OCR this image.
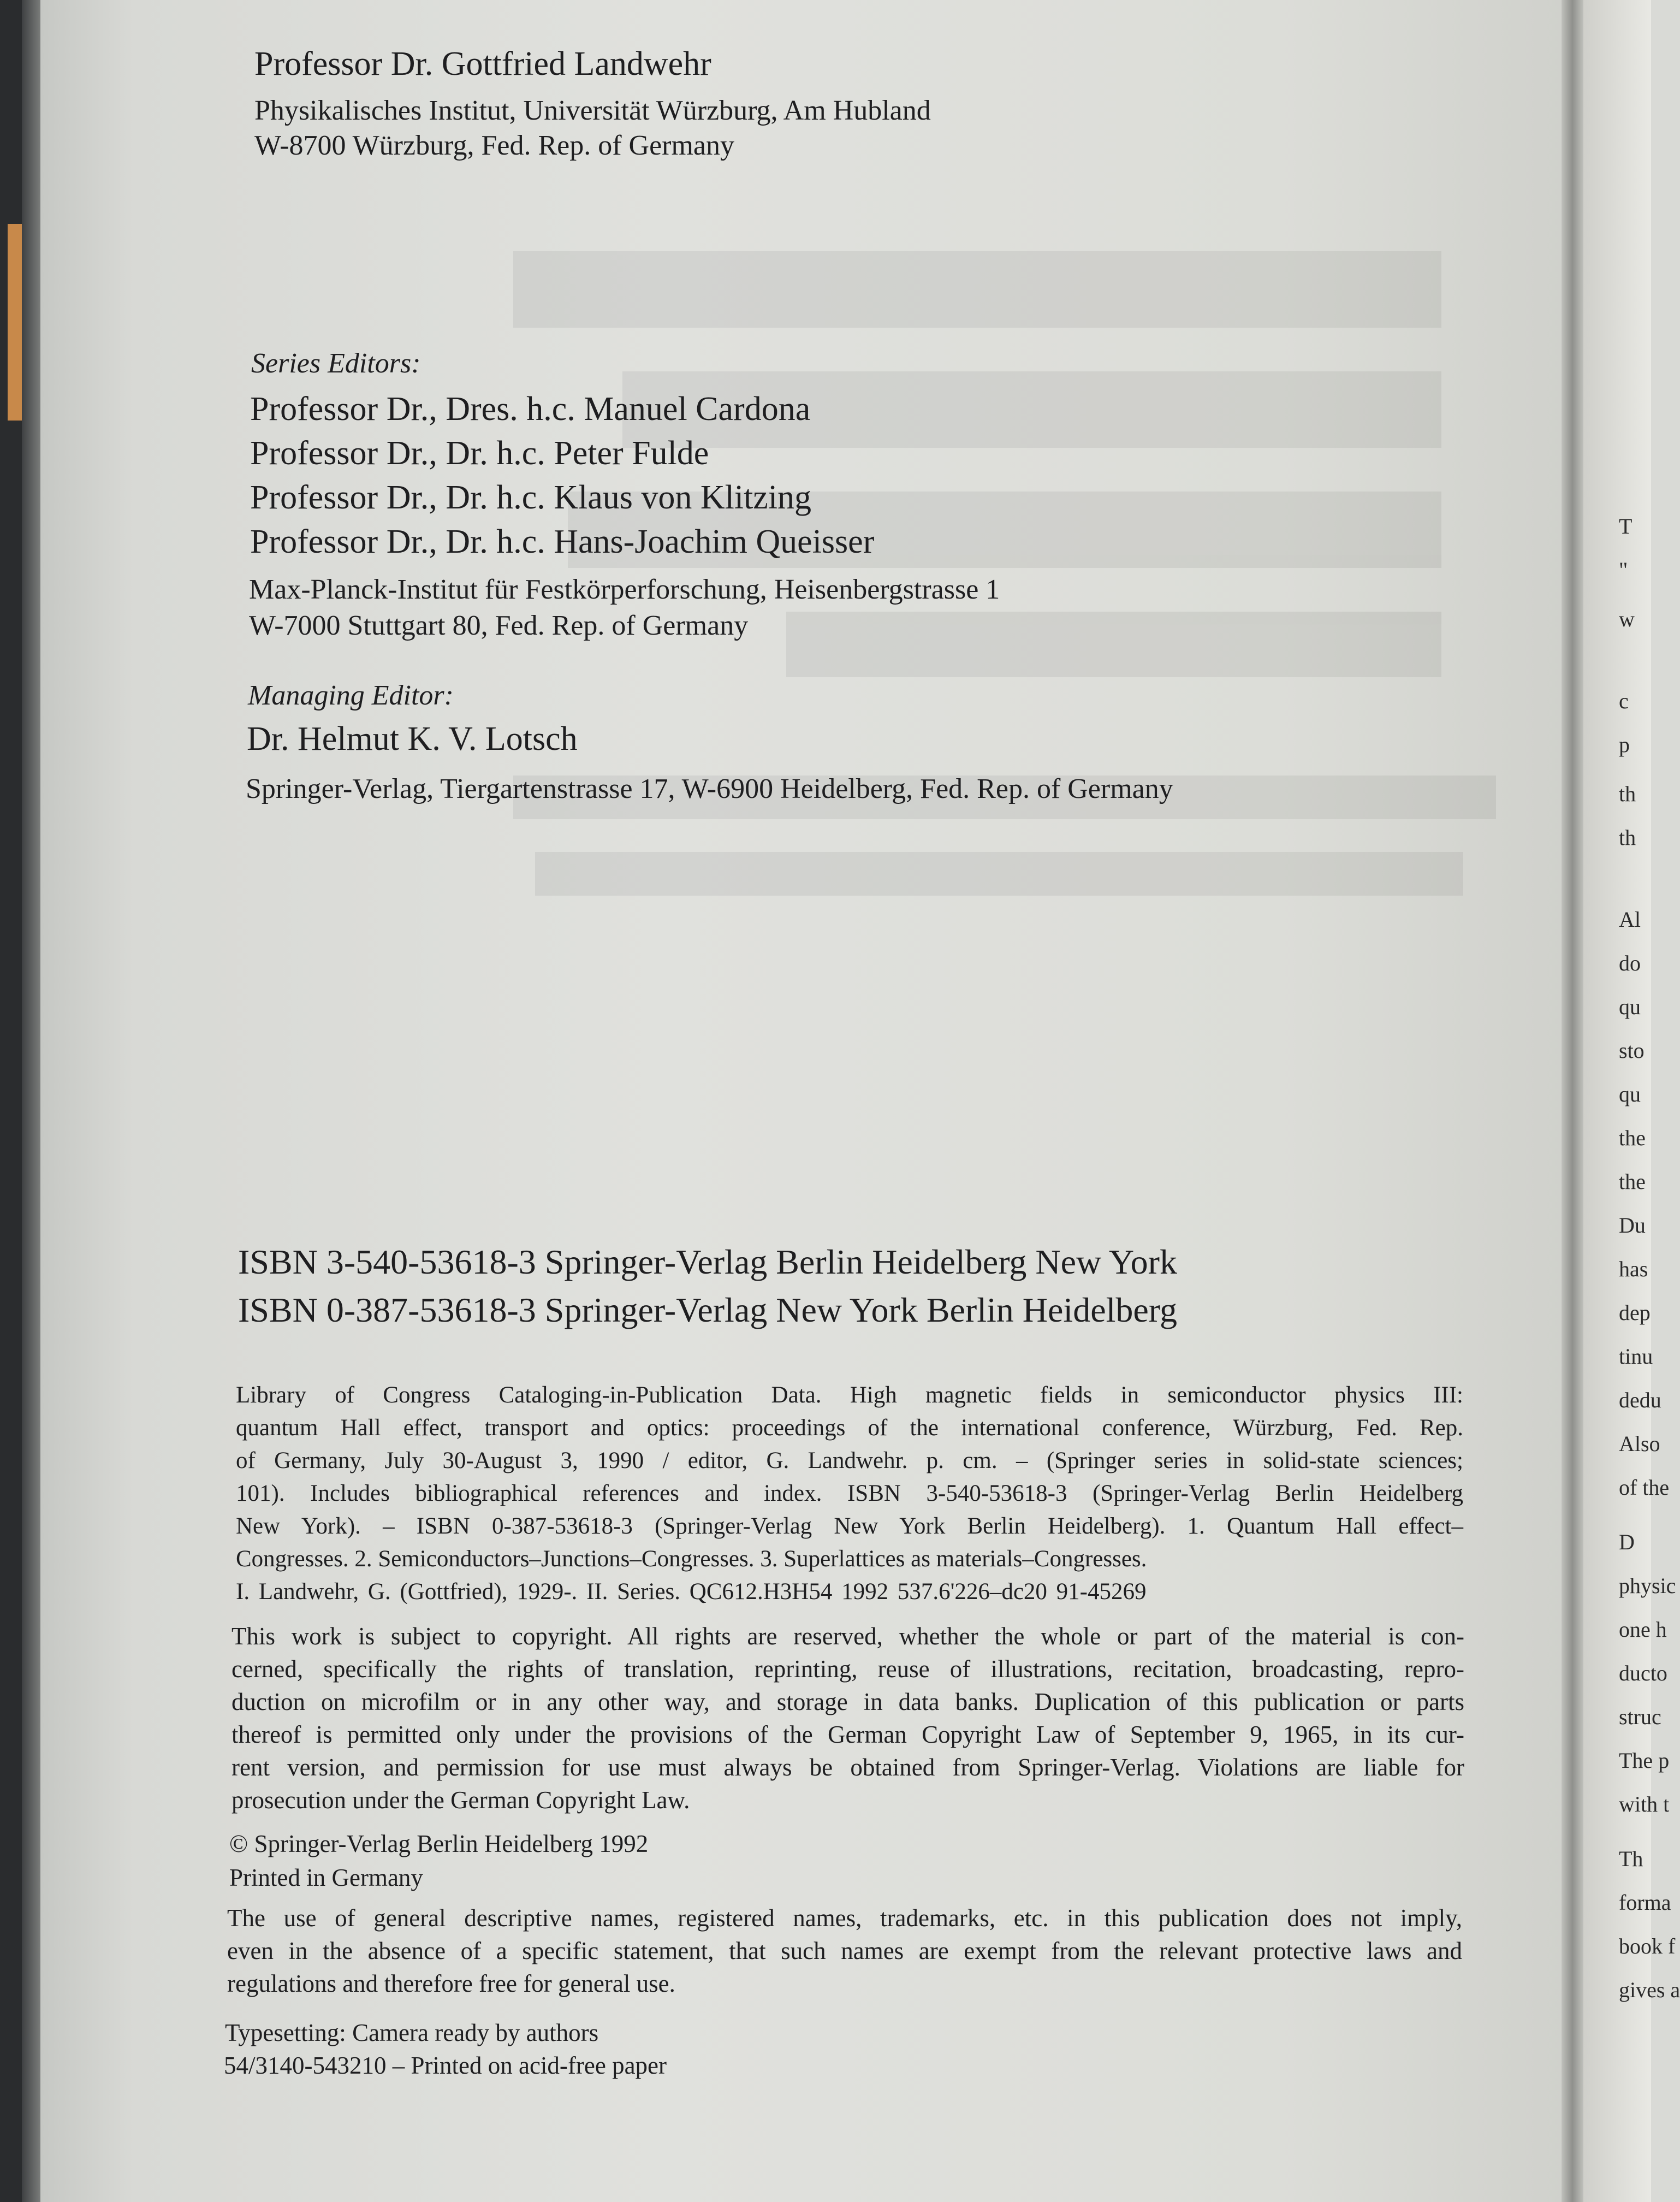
T
"
w
c
p
th
th
Al
do
qu
sto
qu
the
the
Du
has
dep
tinu
dedu
Also
of the
D
physic
one h
ducto
struc
The p
with t
Th
forma
book f
gives a
Professor Dr. Gottfried Landwehr
Physikalisches Institut, Universität Würzburg, Am Hubland
W-8700 Würzburg, Fed. Rep. of Germany
Series Editors:
Professor Dr., Dres. h.c. Manuel Cardona
Professor Dr., Dr. h.c. Peter Fulde
Professor Dr., Dr. h.c. Klaus von Klitzing
Professor Dr., Dr. h.c. Hans-Joachim Queisser
Max-Planck-Institut für Festkörperforschung, Heisenbergstrasse 1
W-7000 Stuttgart 80, Fed. Rep. of Germany
Managing Editor:
Dr. Helmut K. V. Lotsch
Springer-Verlag, Tiergartenstrasse 17, W-6900 Heidelberg, Fed. Rep. of Germany
ISBN 3-540-53618-3 Springer-Verlag Berlin Heidelberg New York
ISBN 0-387-53618-3 Springer-Verlag New York Berlin Heidelberg
Library of Congress Cataloging-in-Publication Data. High magnetic fields in semiconductor physics III:
quantum Hall effect, transport and optics: proceedings of the international conference, Würzburg, Fed. Rep.
of Germany, July 30-August 3, 1990 / editor, G. Landwehr. p. cm. – (Springer series in solid-state sciences;
101). Includes bibliographical references and index. ISBN 3-540-53618-3 (Springer-Verlag Berlin Heidelberg
New York). – ISBN 0-387-53618-3 (Springer-Verlag New York Berlin Heidelberg). 1. Quantum Hall effect–
Congresses. 2. Semiconductors–Junctions–Congresses. 3. Superlattices as materials–Congresses.
I. Landwehr, G. (Gottfried), 1929-. II. Series. QC612.H3H54 1992 537.6'226–dc20 91-45269
This work is subject to copyright. All rights are reserved, whether the whole or part of the material is con-
cerned, specifically the rights of translation, reprinting, reuse of illustrations, recitation, broadcasting, repro-
duction on microfilm or in any other way, and storage in data banks. Duplication of this publication or parts
thereof is permitted only under the provisions of the German Copyright Law of September 9, 1965, in its cur-
rent version, and permission for use must always be obtained from Springer-Verlag. Violations are liable for
prosecution under the German Copyright Law.
© Springer-Verlag Berlin Heidelberg 1992
Printed in Germany
The use of general descriptive names, registered names, trademarks, etc. in this publication does not imply,
even in the absence of a specific statement, that such names are exempt from the relevant protective laws and
regulations and therefore free for general use.
Typesetting: Camera ready by authors
54/3140-543210 – Printed on acid-free paper
